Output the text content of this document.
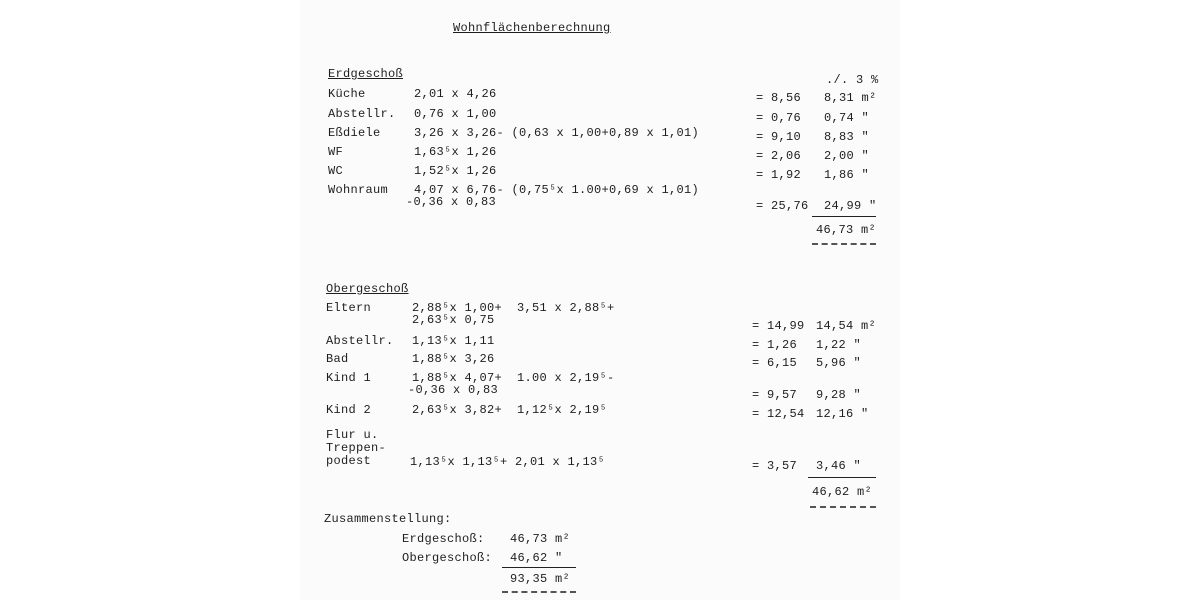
Wohnflächenberechnung
Erdgeschoß	./. 3 %
Küche	2,01 x 4,26	= 8,56 8,31 m²
Abstellr. 0,76 x 1,00	= 0,76 0,74 "
Eßdiele	3,26 x 3,26- (0,63 x 1,00+0,89 x 1,01)	= 9,10 8,83 "
WF	1,63⁵x 1,26	= 2,06 2,00 "
WC	1,52⁵x 1,26	= 1,92 1,86 "
Wohnraum 4,07 x 6,76- (0,75⁵x 1.00+0,69 x 1,01)
-0,36 x 0,83	= 25,76 24,99 "
46,73 m²
Obergeschoß
Eltern	2,88⁵x 1,00+  3,51 x 2,88⁵+
2,63⁵x 0,75	= 14,99 14,54 m²
Abstellr. 1,13⁵x 1,11	= 1,26 1,22 "
Bad	1,88⁵x 3,26	= 6,15 5,96 "
Kind 1	1,88⁵x 4,07+  1.00 x 2,19⁵-
-0,36 x 0,83	= 9,57 9,28 "
Kind 2	2,63⁵x 3,82+  1,12⁵x 2,19⁵	= 12,54 12,16 "
Flur u.
Treppen-
podest	1,13⁵x 1,13⁵+ 2,01 x 1,13⁵	= 3,57 3,46 "
46,62 m²
Zusammenstellung:
Erdgeschoß: 46,73 m²
Obergeschoß: 46,62 "
93,35 m²
